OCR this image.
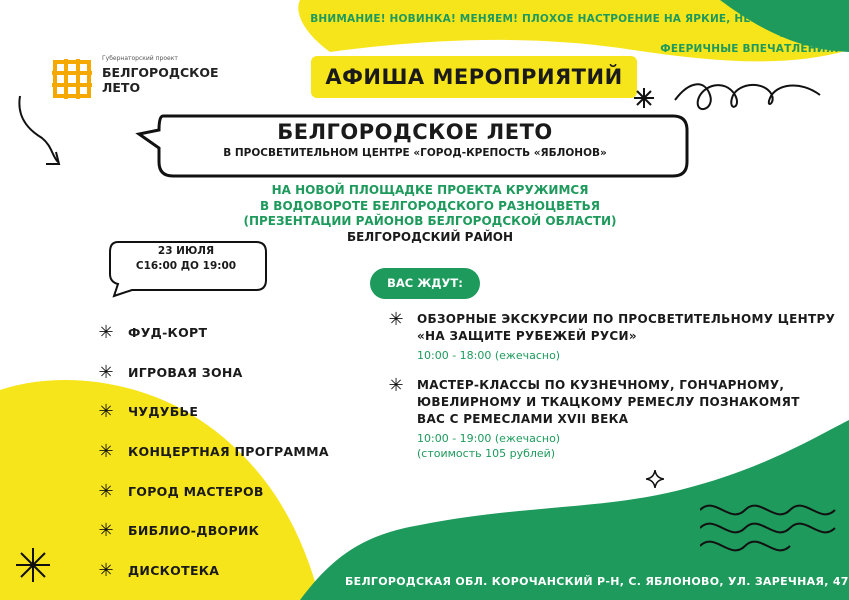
ВНИМАНИЕ! НОВИНКА! МЕНЯЕМ! ПЛОХОЕ НАСТРОЕНИЕ НА ЯРКИЕ, НЕЗАБЫВАЕМЫЕ ЭМОЦИИ,
ФЕЕРИЧНЫЕ ВПЕЧАТЛЕНИЯ!
Губернаторский проект
БЕЛГОРОДСКОЕ
ЛЕТО	АФИША МЕРОПРИЯТИЙ
БЕЛГОРОДСКОЕ ЛЕТО
В ПРОСВЕТИТЕЛЬНОМ ЦЕНТРЕ «ГОРОД-КРЕПОСТЬ «ЯБЛОНОВ»
НА НОВОЙ ПЛОЩАДКЕ ПРОЕКТА КРУЖИМСЯ
В ВОДОВОРОТЕ БЕЛГОРОДСКОГО РАЗНОЦВЕТЬЯ
(ПРЕЗЕНТАЦИИ РАЙОНОВ БЕЛГОРОДСКОЙ ОБЛАСТИ)
БЕЛГОРОДСКИЙ РАЙОН
23 ИЮЛЯ
С16:00 ДО 19:00
ВАС ЖДУТ:
✳ ФУД-КОРТ
✳ ИГРОВАЯ ЗОНА
✳ ЧУДУБЬЕ
✳ КОНЦЕРТНАЯ ПРОГРАММА
✳ ГОРОД МАСТЕРОВ
✳ БИБЛИО-ДВОРИК
✳ ДИСКОТЕКА
✳ ОБЗОРНЫЕ ЭКСКУРСИИ ПО ПРОСВЕТИТЕЛЬНОМУ ЦЕНТРУ
«НА ЗАЩИТЕ РУБЕЖЕЙ РУСИ»
10:00 - 18:00 (ежечасно)
✳ МАСТЕР-КЛАССЫ ПО КУЗНЕЧНОМУ, ГОНЧАРНОМУ,
ЮВЕЛИРНОМУ И ТКАЦКОМУ РЕМЕСЛУ ПОЗНАКОМЯТ
ВАС С РЕМЕСЛАМИ XVII ВЕКА
10:00 - 19:00 (ежечасно)
(стоимость 105 рублей)
БЕЛГОРОДСКАЯ ОБЛ. КОРОЧАНСКИЙ Р-Н, С. ЯБЛОНОВО, УЛ. ЗАРЕЧНАЯ, 47
